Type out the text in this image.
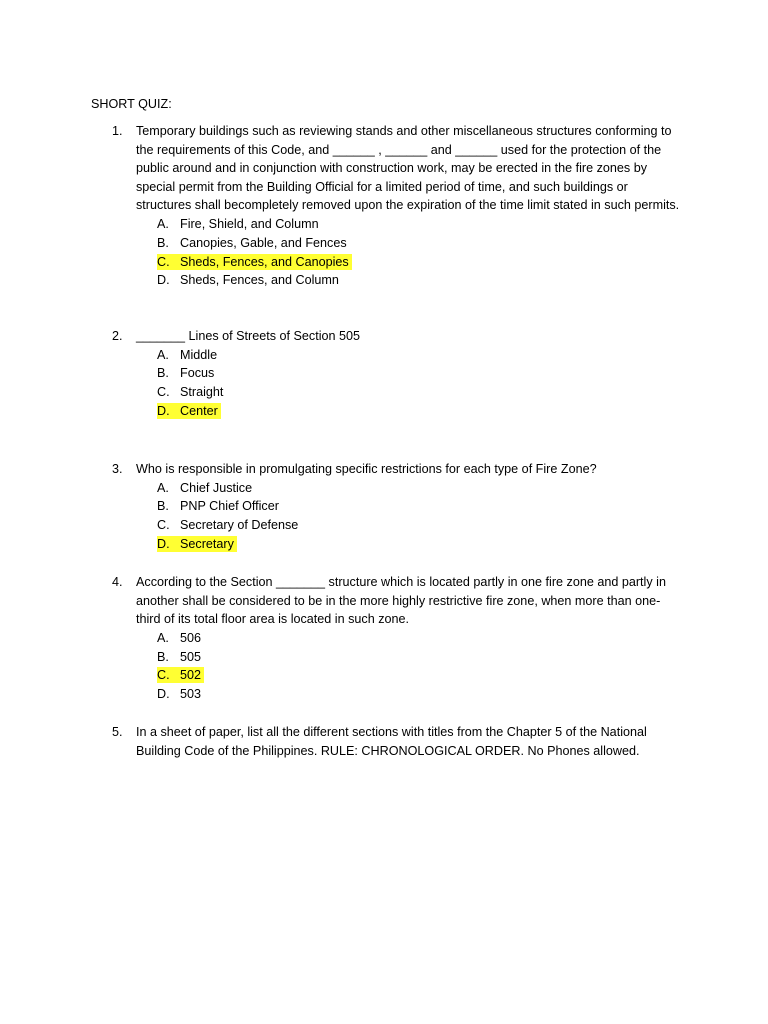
SHORT QUIZ:
1. Temporary buildings such as reviewing stands and other miscellaneous structures conforming to the requirements of this Code, and ______ , ______ and ______ used for the protection of the public around and in conjunction with construction work, may be erected in the fire zones by special permit from the Building Official for a limited period of time, and such buildings or structures shall becompletely removed upon the expiration of the time limit stated in such permits.
A. Fire, Shield, and Column
B. Canopies, Gable, and Fences
C. Sheds, Fences, and Canopies
D. Sheds, Fences, and Column
2. _______ Lines of Streets of Section 505
A. Middle
B. Focus
C. Straight
D. Center
3. Who is responsible in promulgating specific restrictions for each type of Fire Zone?
A. Chief Justice
B. PNP Chief Officer
C. Secretary of Defense
D. Secretary
4. According to the Section _______ structure which is located partly in one fire zone and partly in another shall be considered to be in the more highly restrictive fire zone, when more than one-third of its total floor area is located in such zone.
A. 506
B. 505
C. 502
D. 503
5. In a sheet of paper, list all the different sections with titles from the Chapter 5 of the National Building Code of the Philippines. RULE: CHRONOLOGICAL ORDER. No Phones allowed.
